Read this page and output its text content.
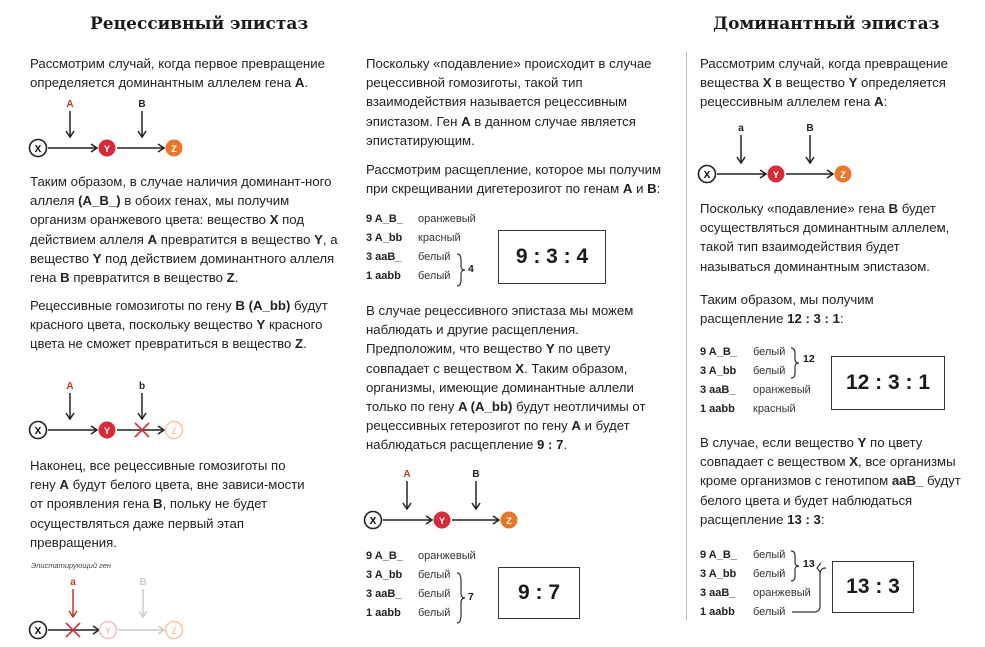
Рецессивный эпистаз
Рассмотрим случай, когда первое превращение определяется доминантным аллелем гена A.
A	B
X	Y	Z
Таким образом, в случае наличия доминант-ного аллеля (A_B_) в обоих генах, мы получим организм оранжевого цвета: вещество X под действием аллеля A превратится в вещество Y, а вещество Y под действием доминантного аллеля гена B превратится в вещество Z.
Рецессивные гомозиготы по гену B (A_bb) будут красного цвета, поскольку вещество Y красного цвета не сможет превратиться в вещество Z.
A	b
X	Y	Z
Наконец, все рецессивные гомозиготы по гену A будут белого цвета, вне зависи-мости от проявления гена B, польку не будет осуществляться даже первый этап превращения.
Эпистатирующий ген
a	B
X	Y	Z
Поскольку «подавление» происходит в случае рецессивной гомозиготы, такой тип взаимодействия называется рецессивным эпистазом. Ген A в данном случае является эпистатирующим.
Рассмотрим расщепление, которое мы получим при скрещивании дигетерозигот по генам A и B:
9 A_B_ оранжевый
3 A_bb красный
3 aaB_ белый
1 aabb белый
4
9 : 3 : 4
В случае рецессивного эпистаза мы можем наблюдать и другие расщепления. Предположим, что вещество Y по цвету совпадает с веществом X. Таким образом, организмы, имеющие доминантные аллели только по гену A (A_bb) будут неотличимы от рецессивных гетерозигот по гену A и будет наблюдаться расщепление 9 : 7.
A	B
X	Y	Z
9 A_B_ оранжевый
3 A_bb белый
3 aaB_ белый
1 aabb белый
7	9 : 7
Доминантный эпистаз
Рассмотрим случай, когда превращение вещества X в вещество Y определяется рецессивным аллелем гена A:
a	B
X	Y	Z
Поскольку «подавление» гена B будет осуществляться доминантным аллелем, такой тип взаимодействия будет называться доминантным эпистазом.
Таким образом, мы получим расщепление 12 : 3 : 1:
9 A_B_ белый
3 A_bb белый
3 aaB_ оранжевый
1 aabb красный
12
12 : 3 : 1
В случае, если вещество Y по цвету совпадает с веществом X, все организмы кроме организмов с генотипом aaB_ будут белого цвета и будет наблюдаться расщепление 13 : 3:
9 A_B_ белый
3 A_bb белый
3 aaB_ оранжевый
1 aabb белый
13
13 : 3
